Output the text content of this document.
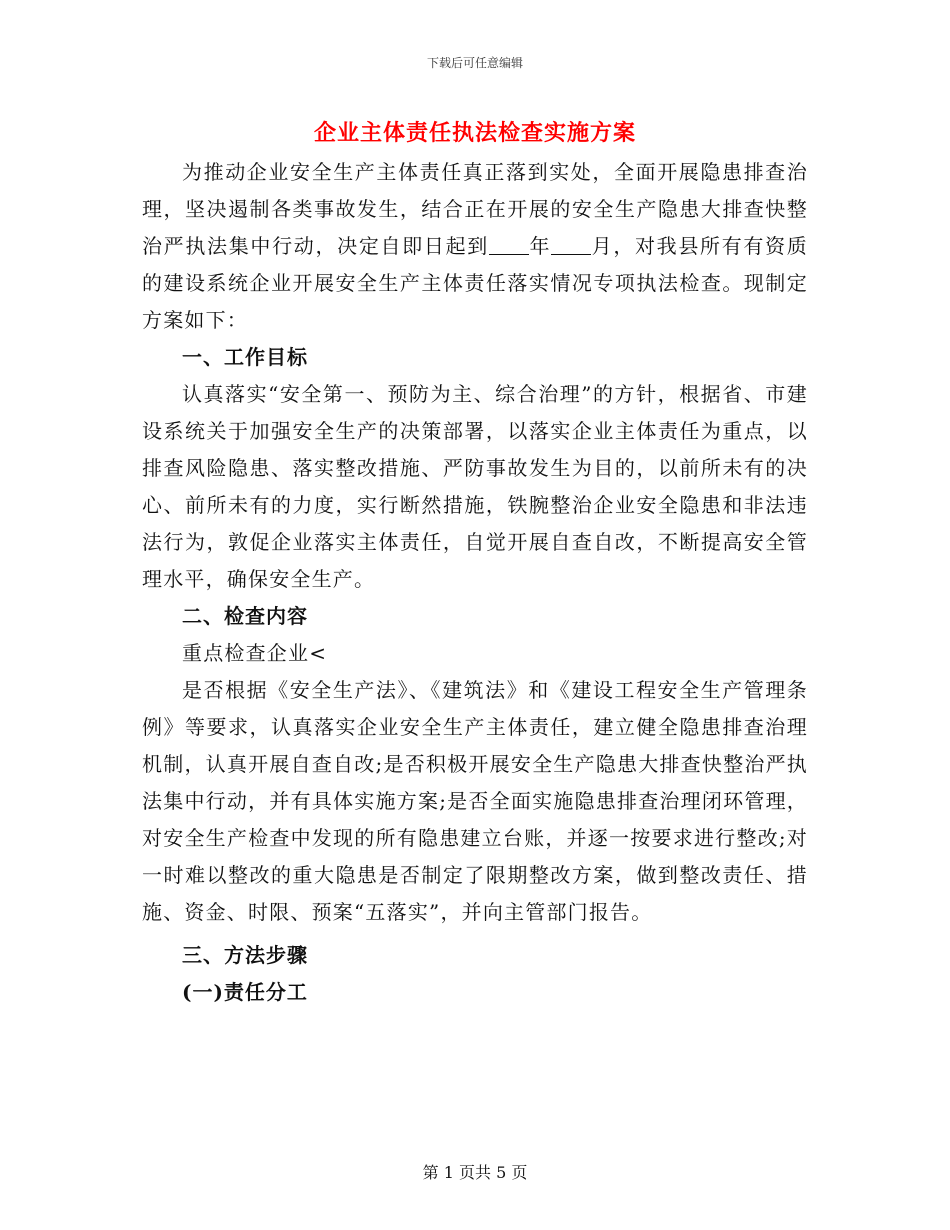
下载后可任意编辑
企业主体责任执法检查实施方案

为推动企业安全生产主体责任真正落到实处，全面开展隐患排查治理，坚决遏制各类事故发生，结合正在开展的安全生产隐患大排查快整治严执法集中行动，决定自即日起到 年 月，对我县所有有资质的建设系统企业开展安全生产主体责任落实情况专项执法检查。现制定方案如下：

一、工作目标

认真落实“安全第一、预防为主、综合治理”的方针，根据省、市建设系统关于加强安全生产的决策部署，以落实企业主体责任为重点，以排查风险隐患、落实整改措施、严防事故发生为目的，以前所未有的决心、前所未有的力度，实行断然措施，铁腕整治企业安全隐患和非法违法行为，敦促企业落实主体责任，自觉开展自查自改，不断提高安全管理水平，确保安全生产。

二、检查内容

重点检查企业<

是否根据《安全生产法》、《建筑法》和《建设工程安全生产管理条例》等要求，认真落实企业安全生产主体责任，建立健全隐患排查治理机制，认真开展自查自改;是否积极开展安全生产隐患大排查快整治严执法集中行动，并有具体实施方案;是否全面实施隐患排查治理闭环管理，对安全生产检查中发现的所有隐患建立台账，并逐一按要求进行整改;对一时难以整改的重大隐患是否制定了限期整改方案，做到整改责任、措施、资金、时限、预案“五落实”，并向主管部门报告。

三、方法步骤

(一)责任分工

第 1 页共 5 页
